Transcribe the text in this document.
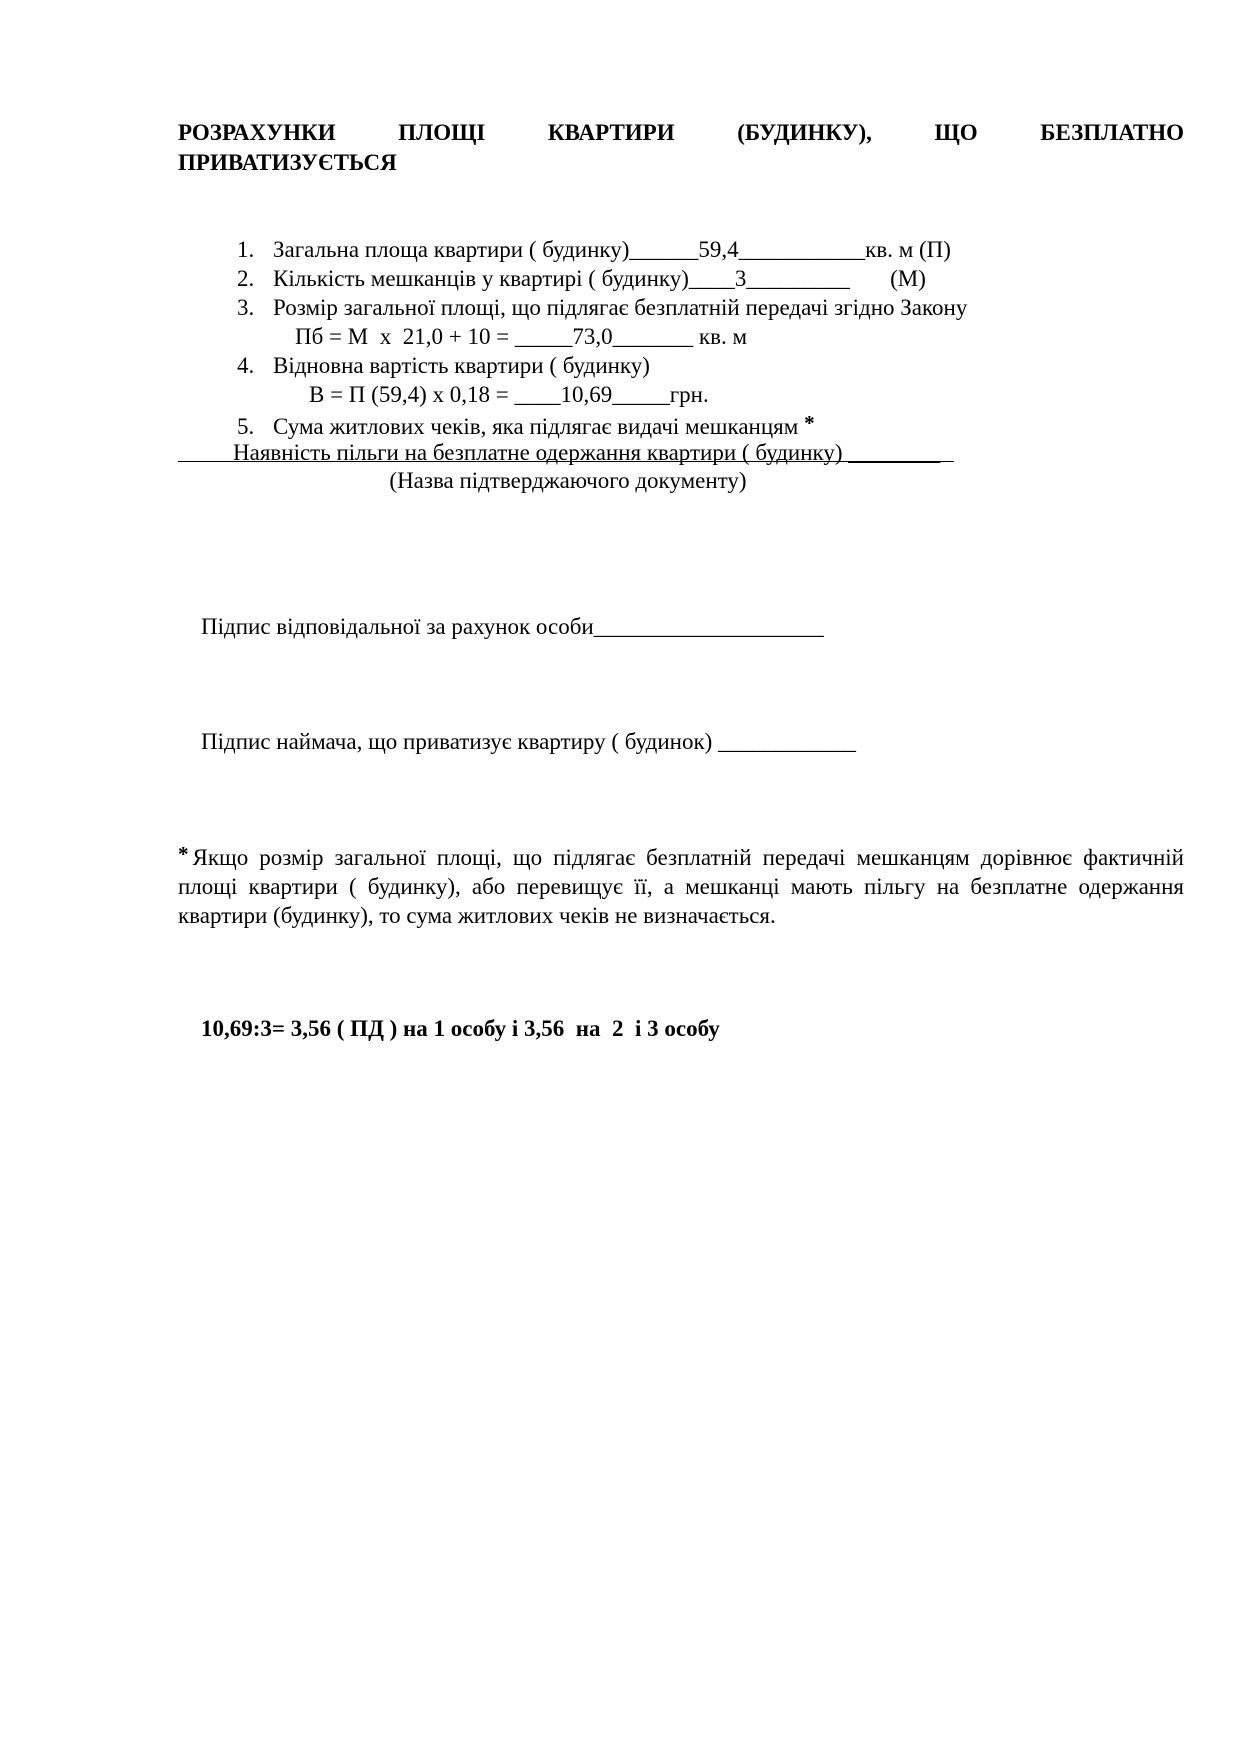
РОЗРАХУНКИ ПЛОЩІ КВАРТИРИ (БУДИНКУ), ЩО БЕЗПЛАТНО
ПРИВАТИЗУЄТЬСЯ

1. Загальна площа квартири ( будинку)______59,4___________кв. м (П)

2. Кількість мешканців у квартирі ( будинку)____3_________       (М)

3. Розмір загальної площі, що підлягає безплатній передачі згідно Закону

Пб = М  х  21,0 + 10 = _____73,0_______ кв. м

4. Відновна вартість квартири ( будинку)

В = П (59,4) х 0,18 = ____10,69_____грн.

5. Сума житлових чеків, яка підлягає видачі мешканцям *

Наявність пільги на безплатне одержання квартири ( будинку) ________

(Назва підтверджаючого документу)

Підпис відповідальної за рахунок особи____________________

Підпис наймача, що приватизує квартиру ( будинок) ____________

* Якщо розмір загальної площі, що підлягає безплатній передачі мешканцям дорівнює фактичній площі квартири ( будинку), або перевищує її, а мешканці мають пільгу на безплатне одержання квартири (будинку), то сума житлових чеків не визначається.

10,69:3= 3,56 ( ПД ) на 1 особу і 3,56  на  2  і 3 особу
